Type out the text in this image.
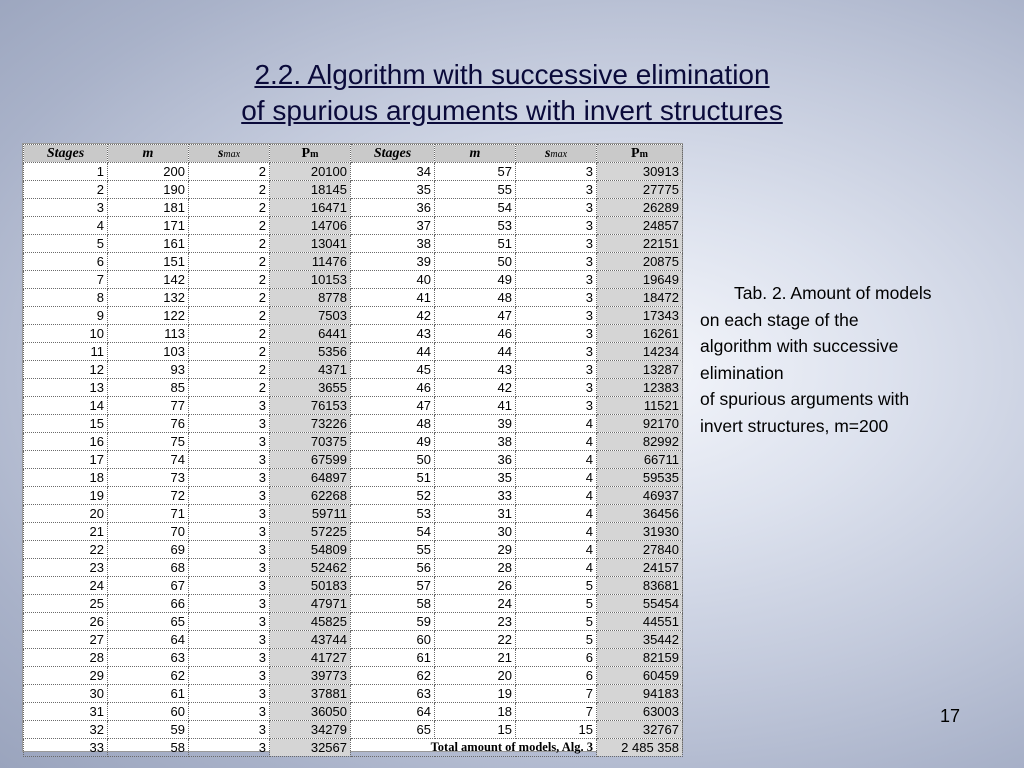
2.2. Algorithm with successive elimination
of spurious arguments with invert structures
Stages	m	smax	Pm	Stages	m	smax	Pm
1	200	2	20100	34	57	3	30913
2	190	2	18145	35	55	3	27775
3	181	2	16471	36	54	3	26289
4	171	2	14706	37	53	3	24857
5	161	2	13041	38	51	3	22151
6	151	2	11476	39	50	3	20875
7	142	2	10153	40	49	3	19649
8	132	2	8778	41	48	3	18472
9	122	2	7503	42	47	3	17343
10	113	2	6441	43	46	3	16261
11	103	2	5356	44	44	3	14234
12	93	2	4371	45	43	3	13287
13	85	2	3655	46	42	3	12383
14	77	3	76153	47	41	3	11521
15	76	3	73226	48	39	4	92170
16	75	3	70375	49	38	4	82992
17	74	3	67599	50	36	4	66711
18	73	3	64897	51	35	4	59535
19	72	3	62268	52	33	4	46937
20	71	3	59711	53	31	4	36456
21	70	3	57225	54	30	4	31930
22	69	3	54809	55	29	4	27840
23	68	3	52462	56	28	4	24157
24	67	3	50183	57	26	5	83681
25	66	3	47971	58	24	5	55454
26	65	3	45825	59	23	5	44551
27	64	3	43744	60	22	5	35442
28	63	3	41727	61	21	6	82159
29	62	3	39773	62	20	6	60459
30	61	3	37881	63	19	7	94183
31	60	3	36050	64	18	7	63003
32	59	3	34279	65	15	15	32767
33	58	3	32567	Total amount of models, Alg. 3			2 485 358
Tab. 2. Amount of models
on each stage of the
algorithm with successive
elimination
of spurious arguments with
invert structures, m=200
17
